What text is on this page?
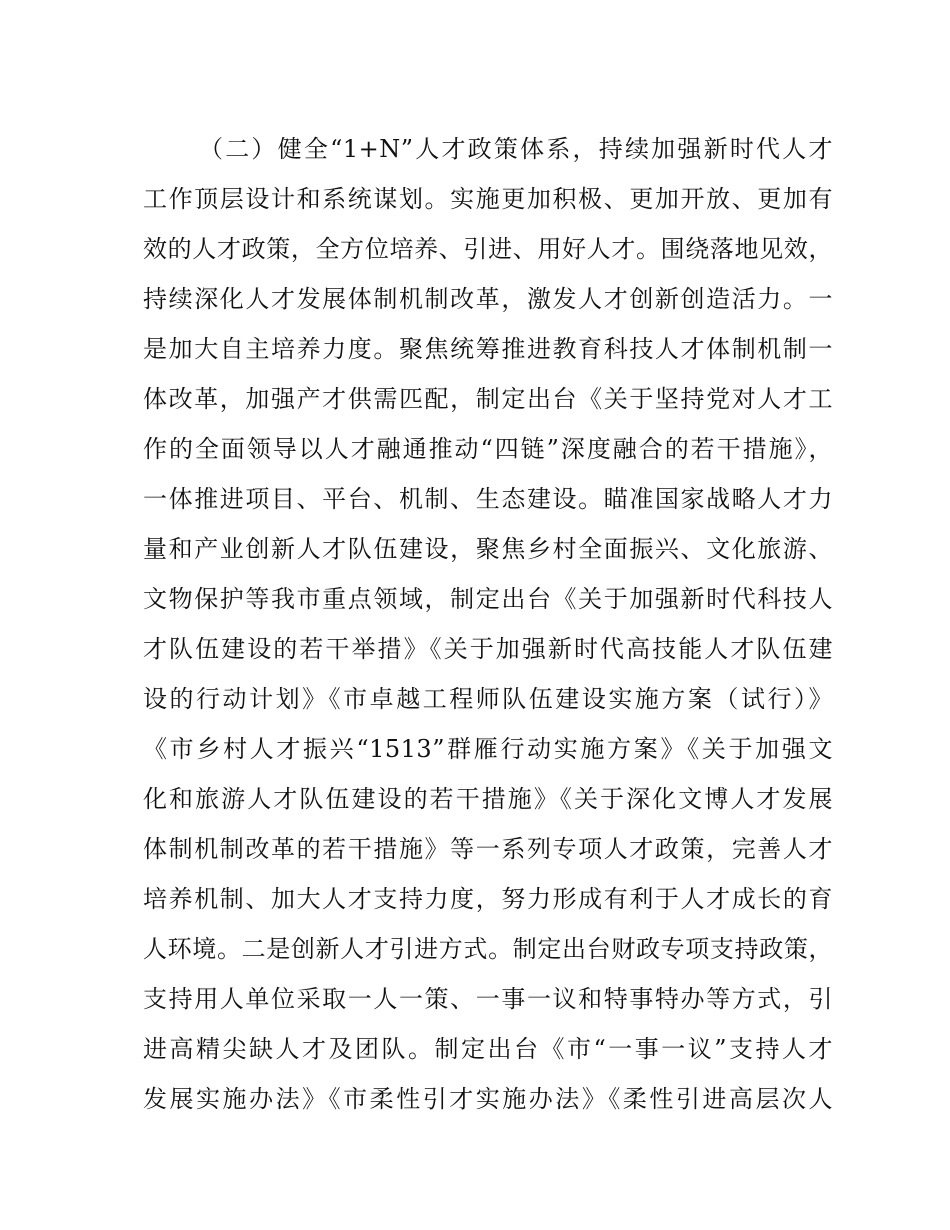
（二）健全“1+N”人才政策体系，持续加强新时代人才
工作顶层设计和系统谋划。实施更加积极、更加开放、更加有
效的人才政策，全方位培养、引进、用好人才。围绕落地见效，
持续深化人才发展体制机制改革，激发人才创新创造活力。一
是加大自主培养力度。聚焦统筹推进教育科技人才体制机制一
体改革，加强产才供需匹配，制定出台《关于坚持党对人才工
作的全面领导以人才融通推动“四链”深度融合的若干措施》，
一体推进项目、平台、机制、生态建设。瞄准国家战略人才力
量和产业创新人才队伍建设，聚焦乡村全面振兴、文化旅游、
文物保护等我市重点领域，制定出台《关于加强新时代科技人
才队伍建设的若干举措》《关于加强新时代高技能人才队伍建
设的行动计划》《市卓越工程师队伍建设实施方案（试行）》
《市乡村人才振兴“1513”群雁行动实施方案》《关于加强文
化和旅游人才队伍建设的若干措施》《关于深化文博人才发展
体制机制改革的若干措施》等一系列专项人才政策，完善人才
培养机制、加大人才支持力度，努力形成有利于人才成长的育
人环境。二是创新人才引进方式。制定出台财政专项支持政策，
支持用人单位采取一人一策、一事一议和特事特办等方式，引
进高精尖缺人才及团队。制定出台《市“一事一议”支持人才
发展实施办法》《市柔性引才实施办法》《柔性引进高层次人
